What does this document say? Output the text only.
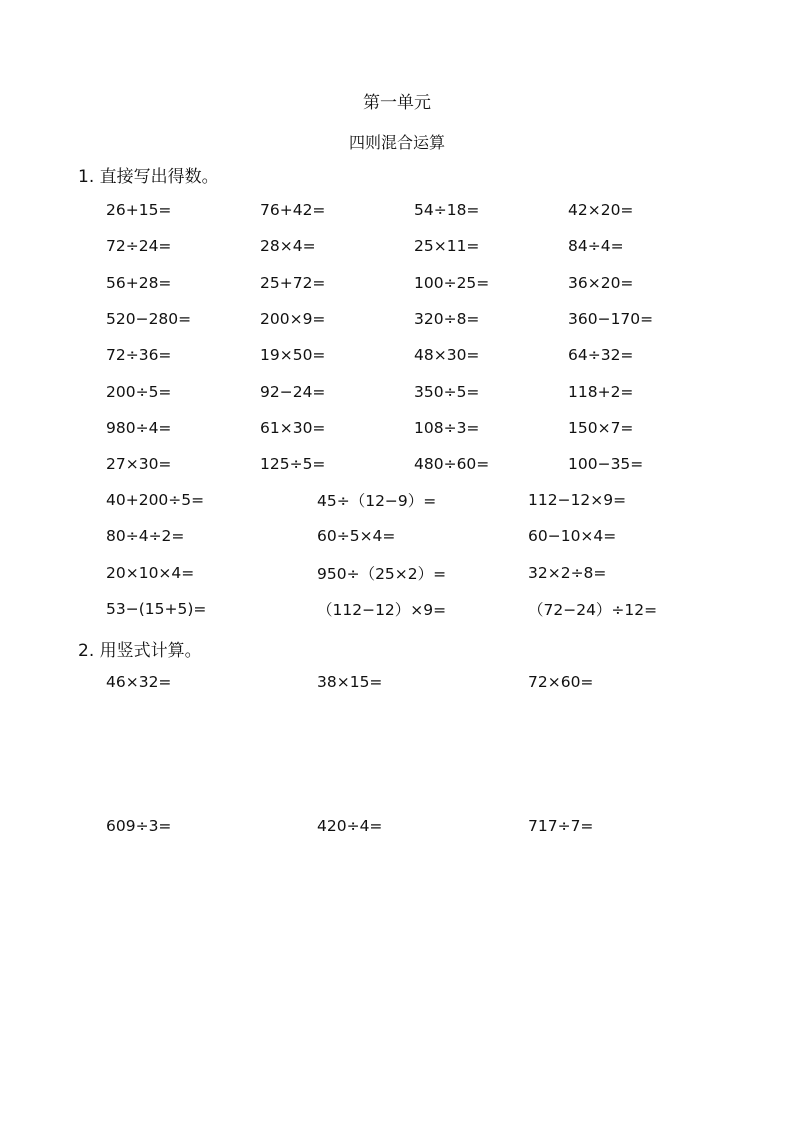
第一单元
四则混合运算
1. 直接写出得数。
26+15=	76+42=	54÷18=	42×20=
72÷24=	28×4=	25×11=	84÷4=
56+28=	25+72=	100÷25=	36×20=
520−280=	200×9=	320÷8=	360−170=
72÷36=	19×50=	48×30=	64÷32=
200÷5=	92−24=	350÷5=	118+2=
980÷4=	61×30=	108÷3=	150×7=
27×30=	125÷5=	480÷60=	100−35=
40+200÷5=	45÷（12−9）=	112−12×9=
80÷4÷2=	60÷5×4=	60−10×4=
20×10×4=	950÷（25×2）=	32×2÷8=
53−(15+5)=	（112−12）×9=	（72−24）÷12=
2. 用竖式计算。
46×32=	38×15=	72×60=
609÷3=	420÷4=	717÷7=
